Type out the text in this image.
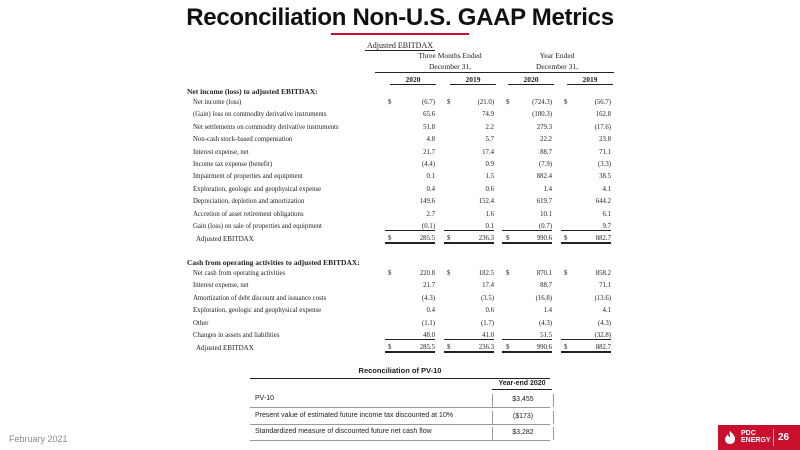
Reconciliation Non-U.S. GAAP Metrics
Adjusted EBITDAX
Three Months Ended
December 31,
Year Ended
December 31,
2020	2019	2020	2019
Net income (loss) to adjusted EBITDAX:
Net income (loss)	$	(6.7) $	(21.0) $	(724.3) $	(56.7)
(Gain) loss on commodity derivative instruments	65.6	74.9	(180.3)	162.8
Net settlements on commodity derivative instruments	51.8	2.2	279.3	(17.6)
Non-cash stock-based compensation	4.8	5.7	22.2	23.8
Interest expense, net	21.7	17.4	88.7	71.1
Income tax expense (benefit)	(4.4)	0.9	(7.9)	(3.3)
Impairment of properties and equipment	0.1	1.5	882.4	38.5
Exploration, geologic and geophysical expense	0.4	0.6	1.4	4.1
Depreciation, depletion and amortization	149.6	152.4	619.7	644.2
Accretion of asset retirement obligations	2.7	1.6	10.1	6.1
Gain (loss) on sale of properties and equipment	(0.1)	0.1	(0.7)	9.7
Adjusted EBITDAX	$	285.5 $	236.3 $	990.6 $	882.7
Cash from operating activities to adjusted EBITDAX:
Net cash from operating activities	$	220.8 $	182.5 $	870.1 $	858.2
Interest expense, net	21.7	17.4	88.7	71.1
Amortization of debt discount and issuance costs	(4.3)	(3.5)	(16.8)	(13.6)
Exploration, geologic and geophysical expense	0.4	0.6	1.4	4.1
Other	(1.1)	(1.7)	(4.3)	(4.3)
Changes in assets and liabilities	48.0	41.0	51.5	(32.8)
Adjusted EBITDAX	$	285.5 $	236.3 $	990.6 $	882.7
Reconciliation of PV-10
Year-end 2020
PV-10	$3,455
Present value of estimated future income tax discounted at 10%	($173)
Standardized measure of discounted future net cash flow	$3,282
February 2021
PDC
ENERGY 26
